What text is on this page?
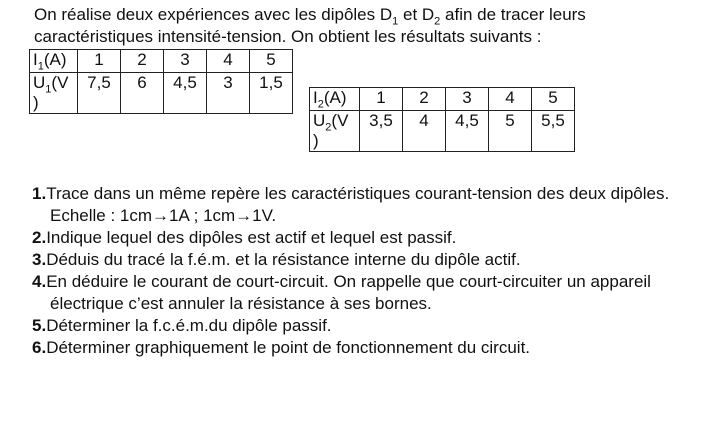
On réalise deux expériences avec les dipôles $D_1$ et $D_2$ afin de tracer leurs caractéristiques intensité-tension. On obtient les résultats suivants :

$I_1(A)$	1	2	3	4	5
$U_1(V$
)	7,5	6	4,5	3	1,5
$I_2(A)$	1	2	3	4	5
$U_2(V$
)	3,5	4	4,5	5	5,5
1.Trace dans un même repère les caractéristiques courant-tension des deux dipôles.
Echelle : 1cm→1A ; 1cm→1V.
2.Indique lequel des dipôles est actif et lequel est passif.
3.Déduis du tracé la f.é.m. et la résistance interne du dipôle actif.
4.En déduire le courant de court-circuit. On rappelle que court-circuiter un appareil électrique c’est annuler la résistance à ses bornes.
5.Déterminer la f.c.é.m.du dipôle passif.
6.Déterminer graphiquement le point de fonctionnement du circuit.
